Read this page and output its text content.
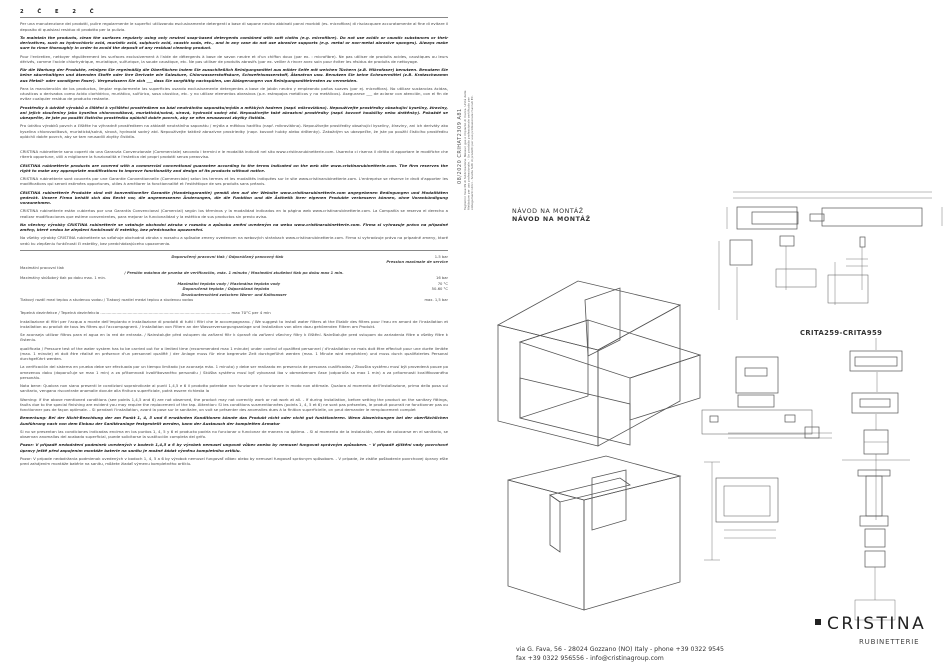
2 Č E 2 Č

Per una manutenzione dei prodotti, pulire regolarmente le superfici utilizzando esclusivamente detergenti a base di sapone neutro abbinati panni morbidi (es. microfibra) di risciacquare accuratamente al fine di evitare il deposito di qualsiasi residuo di prodotto per la pulizia.

To maintain the products, clean the surfaces regularly using only neutral soap-based detergents combined with soft cloths (e.g. microfibre). Do not use acidic or caustic substances or their derivatives, such as hydrochloric acid, muriatic acid, sulphuric acid, caustic soda, etc., and in any case do not use abrasive supports (e.g. metal or non-metal abrasive sponges). Always make sure to rinse thoroughly in order to avoid the deposit of any residual cleaning product.

Pour l'entretien, nettoyer régulièrement les surfaces exclusivement à l'aide de détergents à base de savon neutre et d'un chiffon doux (par ex. : microfibre). Ne pas utiliser de produits acides, caustiques ou leurs dérivés, comme l'acide chlorhydrique, muriatique, sulfurique, la soude caustique, etc. Ne pas utiliser de produits abrasifs (par ex. veiller à rincer avec soin pour éviter les résidus de produits de nettoyage.

Für die Wartung der Produkte, reinigen Sie regelmäßig die Oberflächen indem Sie ausschließlich Reinigungsmittel aus milder Seife mit weichen Tüchern (z.B. Mikrofaser) benutzen. Benutzen Sie keine säurehaltigen und ätzenden Stoffe oder ihre Derivate wie Salzsäure, Chlorwasserstoffsäure, Schwefelwasserstoff, Ätznatron usw. Benutzen Sie keine Scheuermittel (z.B. Kratzschwamm aus Metall- oder sonstigem Faser). Vergewissern Sie sich ___ dass Sie sorgfältig nachspülen, um Ablagerungen von Reinigungsmittelresten zu vermeiden.

Para la manutención de los productos, limpiar regularmente las superficies usando exclusivamente detergentes a base de jabón neutro y empleando paños suaves (por ej. microfibra). No utilizar sustancias ácidas, cáusticas o derivados como ácido clorhídrico, muriático, sulfúrico, sosa cáustica, etc. y no utilizar elementos abrasivos (p.e. estropajos metálicos y no metálicos). Asegurarse ___ de aclarar con atención, con el fin de evitar cualquier residuo de producto restante.

Prostředky k údržbě výrobků a čištění k vyčištění prostředkem na bázi neutrálního saponátu/mýdla a měkkých hadrem (např. mikrovlákno). Nepoužívejte prostředky obsahující kyseliny, žíraviny, ani jejich sloučeniny jako kyselina chlorovodíková, muriatická/solná, síravá, hydroxid sodný atd. Nepoužívejte také abrazivní prostředky (např. kovové houbičky nebo drátěnky). Pokaždé se ubezpečte, že jste po použití čisticího prostředku opláchli dobře povrch, aby se něm neusazoval zbytky čistidla.

Pro údržbu výrobků povrch a čištěte ho výhradně prostředkem na základě neutrálního saponátu / mýdla a měkkou hadříku (např. mikrovlákno). Nepoužívejte prostředky obsahující kyseliny, žíraviny, ani ich deriváty ako kyselina chlorovodíková, muriatická/solná, sírová, hydroxid sodný atd. Nepoužívejte taktiež abrazívne prostriedky (napr. kovové hubky alebo drôtenky). Zakaždým sa ubezpečte, že jste po použití čisticího prostředku opláchli dobře povrch, aby se tam neusadili zbytky čistidla.

CRISTINA rubinetterie sono coperti da una Garanzia Convenzionale (Commerciale) secondo i termini e le modalità indicati nel sito www.cristinarubinetterie.com. Usarecta ci riserva il diritto di apportare le modifiche che riterrà opportune, utili a migliorare la funzionalità e l'estetica dei propri prodotti senza preavviso.

CRISTINA rubinetterie products are covered with a commercial conventional guarantee according to the terms indicated on the web site www.cristinarubinetterie.com. The firm reserves the right to make any appropriate modifications to improve functionality and design of its products without notice.

CRISTINA rubinetterie sont couverts par une Garantie Conventionnelle (Commerciale) selon les termes et les modalités indiquées sur le site www.cristinarubinetterie.com. L'entreprise se réserve le droit d'apporter les modifications qui seront estimées opportunes, utiles à améliorer la fonctionnalité et l'esthétique de ses produits sans préavis.

CRISTINA rubinetterie Produkte sind mit konventioneller Garantie (Handelsgarantie) gemäß den auf der Website www.cristinarubinetterie.com angegebenen Bedingungen und Modalitäten gedeckt. Unsere Firma behält sich das Recht vor, die angemessenen Änderungen, die die Funktion und die Ästhetik ihrer eigenen Produkte verbessern können, ohne Vorankündigung vorzunehmen.

CRISTINA rubinetterie están cubiertos por una Garantía Convencional (Comercial) según los términos y la modalidad indicados en la página web www.cristinarubinetterie.com. La Compañía se reserva el derecho a realizar modificaciones que estime convenientes, para mejorar la funcionalidad y la estética de sus productos sin previo aviso.

Na všechny výrobky CRISTINA rubinetterie se vztahuje obchodní záruka v rozsahu a způsobu změní uvedeným na webu www.cristinarubinetterie.com. Firma si vyhrazuje právo na případné změny, které vedou ke zlepšení funkčnosti či estetiky, bez předchozího upozornění.

Na všetky výrobky CRISTINA rubinetterie sa vzťahuje obchodná záruka v rozsahu a spôsobe zmeny uvedenom na webových stránkach www.cristinarubinetterie.com. Firma si vyhradzuje právo na prípadné zmeny, ktoré vedú ku zlepšeniu funkčnosti či estetiky, bez predchádzajúceho upozornenia.

Doporučený pracovní tlak / Odporúčaný pracovný tlak	1-5 bar
Pression maximale de service
Maximální pracovní tlak
/ Presión máxima de prueba de verificación, máx. 1 minuto / Maximální zkušební tlak po dobu max 1 min.
Maximálny skúšobný tlak po dobu max. 1 min.	16 bar
Maximální teplota vody / Maximálna teplota vody	70 °C
Doporučená teplota / Odporúčaná teplota	50-60 °C
Druckunterschied zwischen Warm- und Kaltwasser
Tlakový rozdíl mezi teplou a studenou vodou / Tlakový rozdiel medzi teplou a studenou vodou	max. 1,5 bar

Tepelná dezinfekce / Tepelná dezinfekcia ......................................................................................................... max 70°C per 4 min

Installazione di filtri per l'acqua a monte dell'impianto e installazione di prodotti di tutti i filtri che le accompagnano. / We suggest to install water filters at the Etablir des filtres pour l'eau en amont de l'installation et installation au produit de tous les filtres qui l'accompagnent. / Installation von Filtern an der Wasserversorgungsanlage und Installation von allen dazu gehörenden Filtern am Produkt.

Se aconseja utilizar filtros para el agua en la red de entrada. / Nainstalujte před vstupem do zařízení filtr k úpravě do zařízení všechny filtry k čištění. Nainštalujte pred vstupom do zariadenia filtre a všetky filtre k čisteniu.

qualificata / Pressure test of the water system has to be carried out for a limited time (recommended max 1 minute) under control of qualified personnel / d'installation ne mais doit être effectué pour une durée limitée (max. 1 minute) et doit être réalisé en présence d'un personnel qualifié / der Anlage muss für eine begrenzte Zeit durchgeführt werden (max. 1 Minute wird empfohlen) und muss durch qualifiziertes Personal durchgeführt werden.

La verificación del sistema en prueba debe ser efectuada por un tiempo limitado (se aconseja máx. 1 minuto) y debe ser realizado en presencia de personas cualificadas / Zkouška systému musí být provedená pouze po omezenou dobu (doporučuje se max 1 min) a za přítomnosti kvalifikovaného personálu / Skúška systému musí byť vykonaná iba v obmedzenom čase (odporúča sa max 1 min) a za prítomnosti kvalifikovaného personálu.

Nota bene: Qualora non siano presenti le condizioni sopraindicate ai punti 1,4,5 e 6 il prodotto potrebbe non funzionare o funzionare in modo non ottimale. Qualora al momento dell'installazione, prima della posa sul sanitario, vengano riscontrate anomalie dovute alla finitura superficiale, potrà essere richiesta la

Warning: if the above mentioned conditions (see points 1,4,5 and 6) are not observed, the product may not correctly work or not work at all. - If during installation, before setting the product on the sanitary fittings, faults due to the special finishing are evident you may require the replacement of the tap. Attention: Si les conditions susmentionnées (points 1, 4, 5 et 6) ne sont pas présentes, le produit pourrait ne fonctionner pas ou fonctionner pas de façon optimale. - Si pendant l'installation, avant la pose sur le sanitaire, on voit se présenter des anomalies dues à la finition superficielle, on peut demander le remplacement complet

Bemerkung: Bei der Nicht-Beachtung der am Punkt 1, 4, 5 und 6 erwähnten Konditionen könnte das Produkt nicht oder nicht gut funktionieren. Wenn Abweichungen bei der oberflächlichen Ausführung nach von dem Einbau der Sanitäranlage festgestellt werden, kann der Austausch der kompletten Armatur

Si no se presentan las condiciones indicadas encima en los puntos 1, 4, 5 y 6 el producto podría no funcionar o funcionar de manera no óptima. - Si al momento de la instalación, antes de colocarse en el sanitario, se observan anomalías del acabado superficial, puede solicitarse la sustitución completa del grifo.

Pozor: V případě nedodržení podmínek uvedených v bodech 1,4,5 a 6 by výrobek nemusel ungovat vůbec anebo by nemusel fungovat správným způsobem. - V případě zjištění vady povrchové úpravy ještě před zapojením montáže baterie na sanitu je možné žádat výměnu kompletního artiklu.

Pozor: V prípade nedodržania podmienok uvedených v bodoch 1, 4, 5 a 6 by výrobok nemusel fungovať vôbec alebo by nemusel fungovať správnym spôsobom. - V prípade, že zistíte poškodenie povrchovej úpravy ešte pred zahájením montáže batérie na sanitu, môžete žiadať výmenu kompletného artiklu.

08/2020 CRIHAT2309 A81 Tagliati in fase 09 di fabbricazione. Nessun gas o impianto di marca. Unità delle filettature per uso professionale. - Un prodotto professionale certificato per collegamenti idrici - Scelta fatti di prodotti per uso professionale marcati EC.
NÁVOD NA MONTÁŽ
NÁVOD NA MONTÁŽ
CRITA259-CRITA959
via G. Fava, 56 - 28024 Gozzano (NO) Italy - phone +39 0322 9545
fax +39 0322 956556 - info@cristinagroup.com
CRISTINA
RUBINETTERIE
